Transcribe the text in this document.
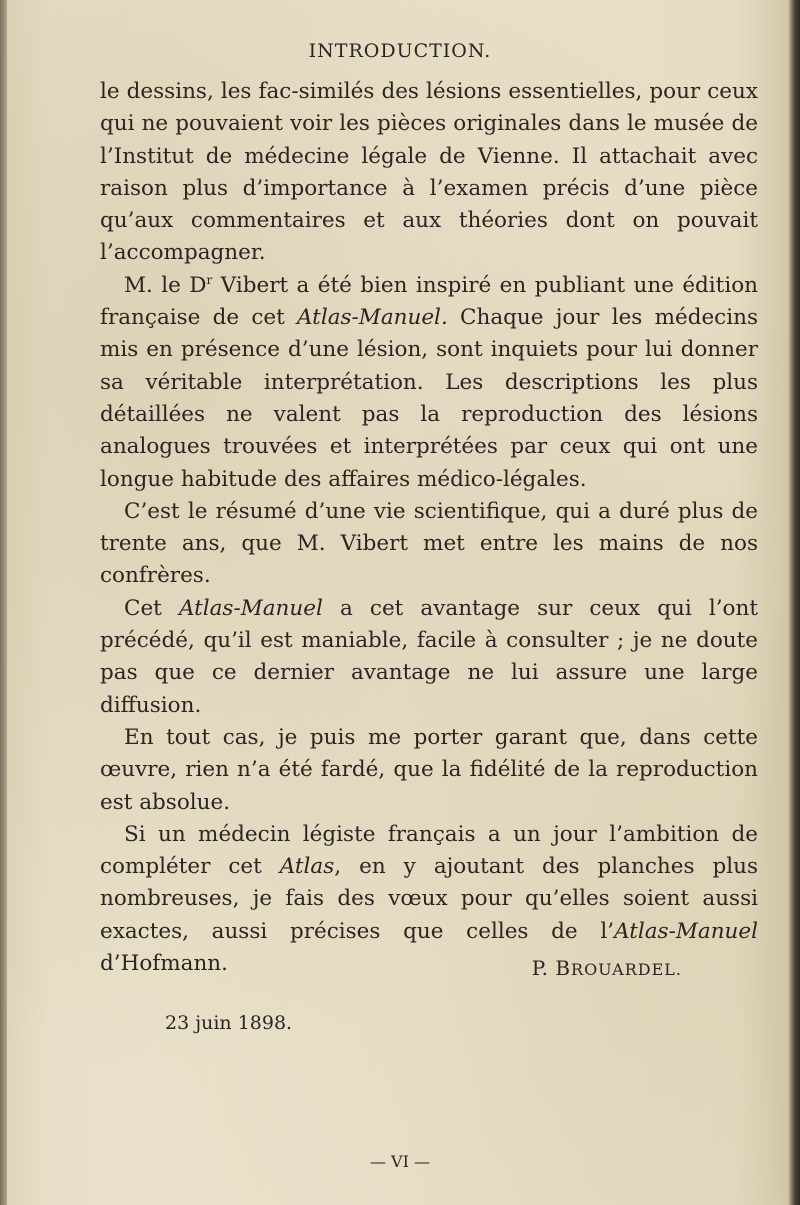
INTRODUCTION.

le dessins, les fac-similés des lésions essentielles, pour ceux qui ne pouvaient voir les pièces originales dans le musée de l’Institut de médecine légale de Vienne. Il attachait avec raison plus d’importance à l’examen précis d’une pièce qu’aux commentaires et aux théories dont on pouvait l’accompagner.

M. le $D^r$ Vibert a été bien inspiré en publiant une édition française de cet Atlas-Manuel. Chaque jour les médecins mis en présence d’une lésion, sont inquiets pour lui donner sa véritable interprétation. Les descriptions les plus détaillées ne valent pas la reproduction des lésions analogues trouvées et interprétées par ceux qui ont une longue habitude des affaires médico-légales.

C’est le résumé d’une vie scientifique, qui a duré plus de trente ans, que M. Vibert met entre les mains de nos confrères.

Cet Atlas-Manuel a cet avantage sur ceux qui l’ont précédé, qu’il est maniable, facile à consulter ; je ne doute pas que ce dernier avantage ne lui assure une large diffusion.

En tout cas, je puis me porter garant que, dans cette œuvre, rien n’a été fardé, que la fidélité de la reproduction est absolue.

Si un médecin légiste français a un jour l’ambition de compléter cet Atlas, en y ajoutant des planches plus nombreuses, je fais des vœux pour qu’elles soient aussi exactes, aussi précises que celles de l’Atlas-Manuel d’Hofmann.	P. BROUARDEL.
23 juin 1898.
— VI —
